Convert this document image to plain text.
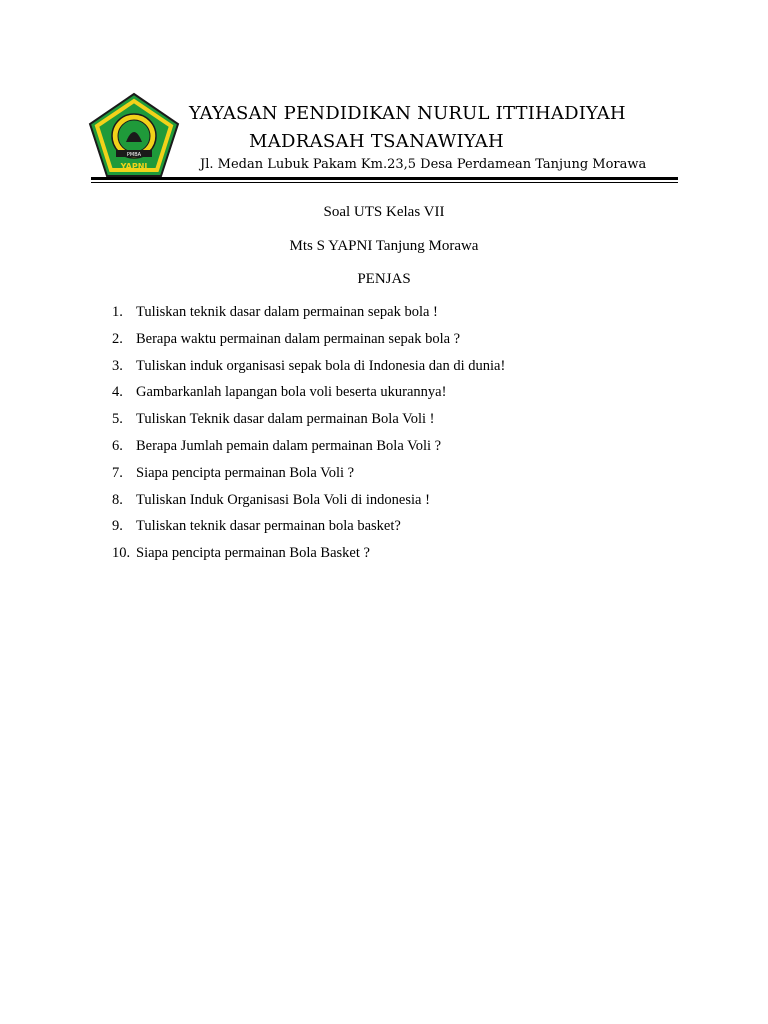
PMBA
YAPNI
YAYASAN PENDIDIKAN NURUL ITTIHADIYAH
MADRASAH TSANAWIYAH
Jl. Medan Lubuk Pakam Km.23,5 Desa Perdamean Tanjung Morawa
Soal UTS Kelas VII
Mts S YAPNI Tanjung Morawa
PENJAS
1. Tuliskan teknik dasar dalam permainan sepak bola !
2. Berapa waktu permainan dalam permainan sepak bola ?
3. Tuliskan induk organisasi sepak bola di Indonesia dan di dunia!
4. Gambarkanlah lapangan bola voli beserta ukurannya!
5. Tuliskan Teknik dasar dalam permainan Bola Voli !
6. Berapa Jumlah pemain dalam permainan Bola Voli ?
7. Siapa pencipta permainan Bola Voli ?
8. Tuliskan Induk Organisasi Bola Voli di indonesia !
9. Tuliskan teknik dasar permainan bola basket?
10. Siapa pencipta permainan Bola Basket ?
